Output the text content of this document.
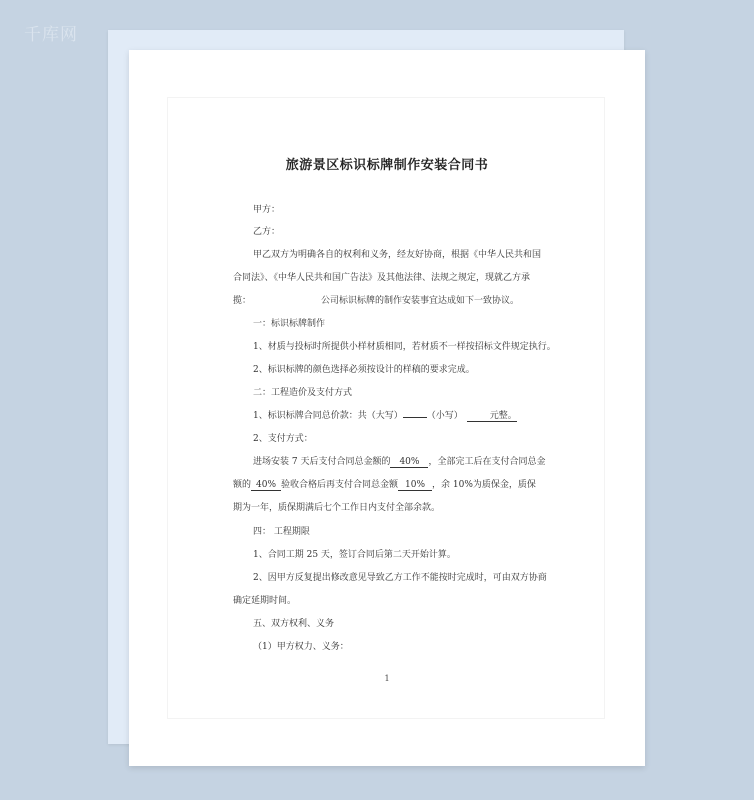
千库网
旅游景区标识标牌制作安装合同书
甲方：
乙方：
甲乙双方为明确各自的权利和义务，经友好协商，根据《中华人民共和国
合同法》、《中华人民共和国广告法》及其他法律、法规之规定，现就乙方承
揽：	公司标识标牌的制作安装事宜达成如下一致协议。
一：标识标牌制作
1、材质与投标时所提供小样材质相同，若材质不一样按招标文件规定执行。
2、标识标牌的颜色选择必须按设计的样稿的要求完成。
二：工程造价及支付方式
1、标识标牌合同总价款：共（大写）	（小写）	元整。
2、支付方式：
进场安装 7 天后支付合同总金额的 40% ，全部完工后在支付合同总金
额的 40% 验收合格后再支付合同总金额 10% ，余 10%为质保金，质保
期为一年，质保期满后七个工作日内支付全部余款。
四： 工程期限
1、合同工期 25 天，签订合同后第二天开始计算。
2、因甲方反复提出修改意见导致乙方工作不能按时完成时，可由双方协商
确定延期时间。
五、双方权利、义务
（1）甲方权力、义务：
1
